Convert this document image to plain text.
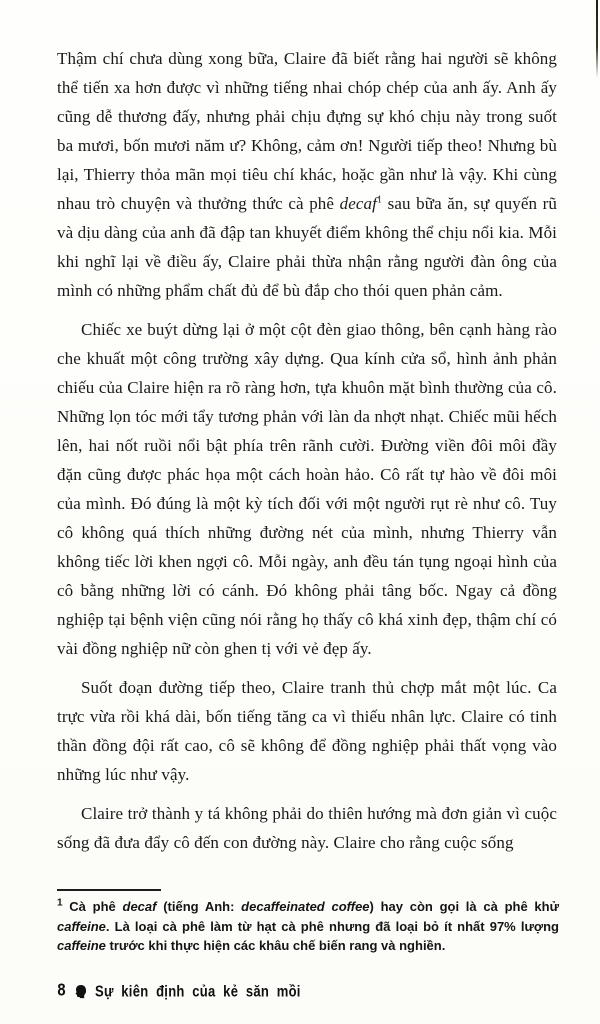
Thậm chí chưa dùng xong bữa, Claire đã biết rằng hai người sẽ không thể tiến xa hơn được vì những tiếng nhai chóp chép của anh ấy. Anh ấy cũng dễ thương đấy, nhưng phải chịu đựng sự khó chịu này trong suốt ba mươi, bốn mươi năm ư? Không, cảm ơn! Người tiếp theo! Nhưng bù lại, Thierry thỏa mãn mọi tiêu chí khác, hoặc gần như là vậy. Khi cùng nhau trò chuyện và thưởng thức cà phê decaf$^1$ sau bữa ăn, sự quyến rũ và dịu dàng của anh đã đập tan khuyết điểm không thể chịu nổi kia. Mỗi khi nghĩ lại về điều ấy, Claire phải thừa nhận rằng người đàn ông của mình có những phẩm chất đủ để bù đắp cho thói quen phản cảm.

Chiếc xe buýt dừng lại ở một cột đèn giao thông, bên cạnh hàng rào che khuất một công trường xây dựng. Qua kính cửa sổ, hình ảnh phản chiếu của Claire hiện ra rõ ràng hơn, tựa khuôn mặt bình thường của cô. Những lọn tóc mới tẩy tương phản với làn da nhợt nhạt. Chiếc mũi hếch lên, hai nốt ruồi nổi bật phía trên rãnh cười. Đường viền đôi môi đầy đặn cũng được phác họa một cách hoàn hảo. Cô rất tự hào về đôi môi của mình. Đó đúng là một kỳ tích đối với một người rụt rè như cô. Tuy cô không quá thích những đường nét của mình, nhưng Thierry vẫn không tiếc lời khen ngợi cô. Mỗi ngày, anh đều tán tụng ngoại hình của cô bằng những lời có cánh. Đó không phải tâng bốc. Ngay cả đồng nghiệp tại bệnh viện cũng nói rằng họ thấy cô khá xinh đẹp, thậm chí có vài đồng nghiệp nữ còn ghen tị với vẻ đẹp ấy.

Suốt đoạn đường tiếp theo, Claire tranh thủ chợp mắt một lúc. Ca trực vừa rồi khá dài, bốn tiếng tăng ca vì thiếu nhân lực. Claire có tinh thần đồng đội rất cao, cô sẽ không để đồng nghiệp phải thất vọng vào những lúc như vậy.

Claire trở thành y tá không phải do thiên hướng mà đơn giản vì cuộc sống đã đưa đẩy cô đến con đường này. Claire cho rằng cuộc sống

$^1$ Cà phê decaf (tiếng Anh: decaffeinated coffee) hay còn gọi là cà phê khử caffeine. Là loại cà phê làm từ hạt cà phê nhưng đã loại bỏ ít nhất 97% lượng caffeine trước khi thực hiện các khâu chế biến rang và nghiền.
8 Sự kiên định của kẻ săn mồi
